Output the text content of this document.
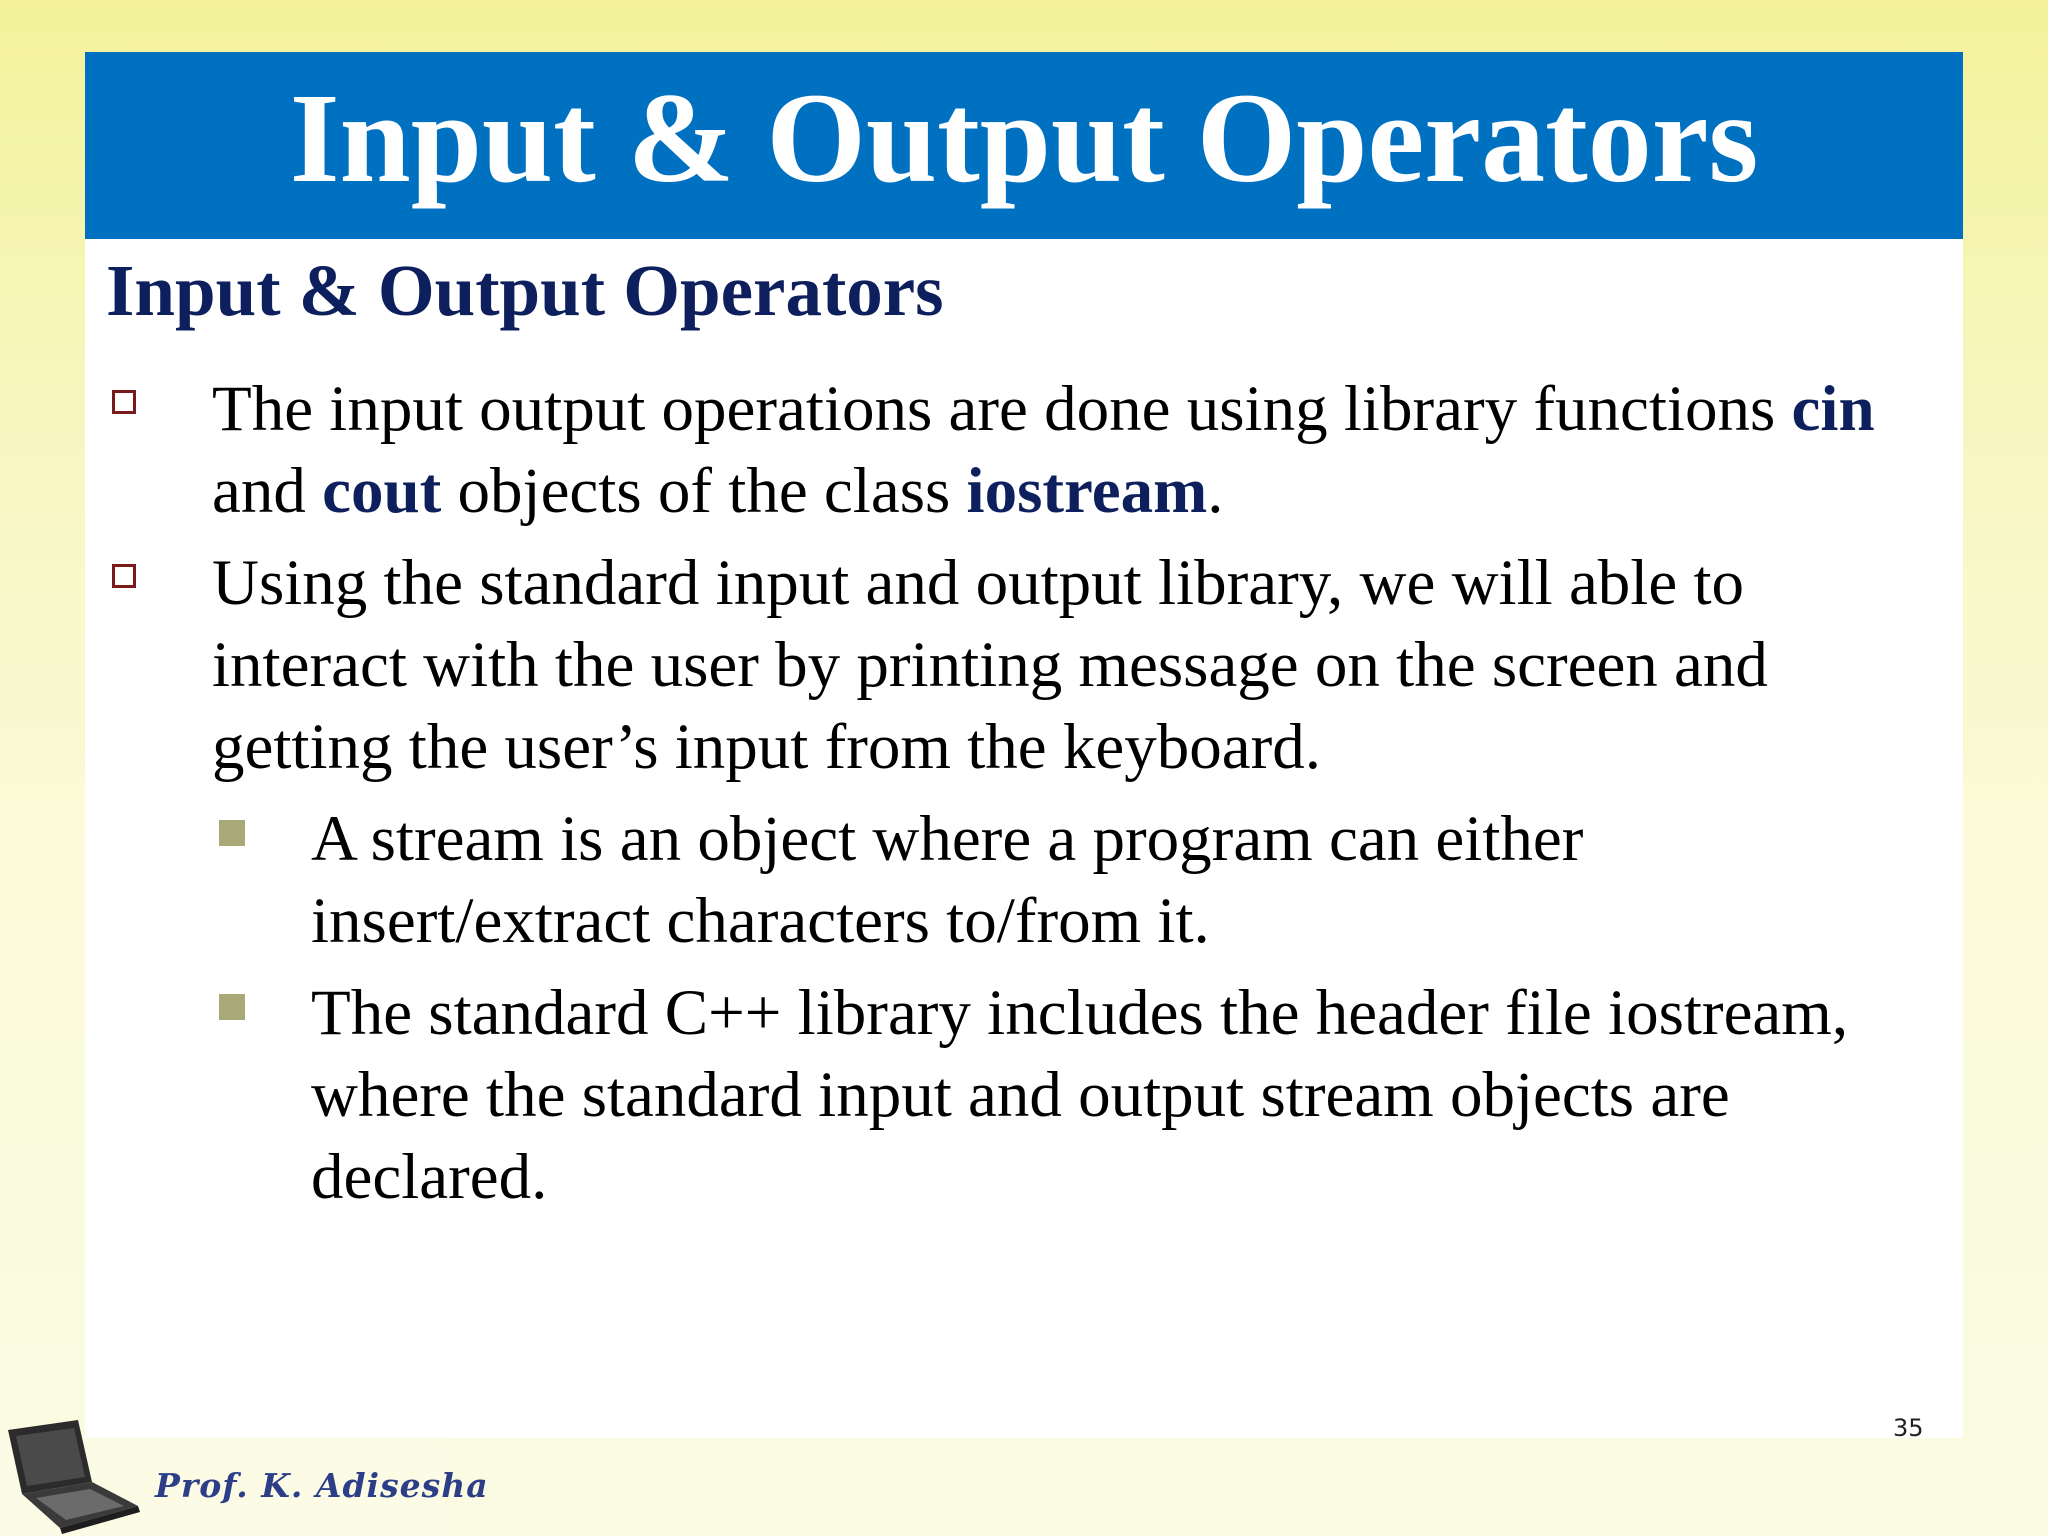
Input & Output Operators
Input & Output Operators
The input output operations are done using library functions cin and cout objects of the class iostream.
Using the standard input and output library, we will able to interact with the user by printing message on the screen and getting the user’s input from the keyboard.
A stream is an object where a program can either insert/extract characters to/from it.
The standard C++ library includes the header file iostream, where the standard input and output stream objects are declared.
35
Prof. K. Adisesha
